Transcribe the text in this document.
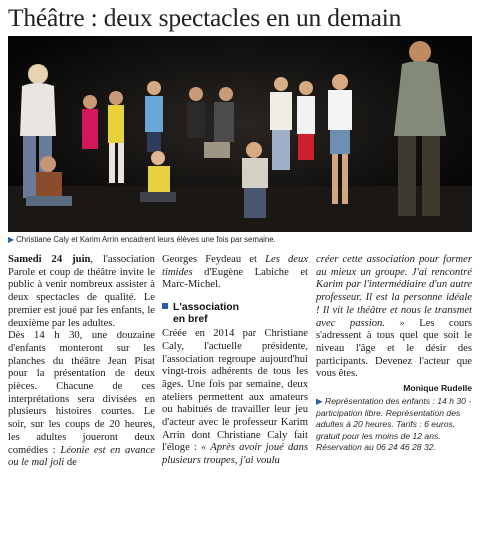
Théâtre : deux spectacles en un demain
▶ Christiane Caly et Karim Arrin encadrent leurs élèves une fois par semaine.

Samedi 24 juin, l'association Parole et coup de théâtre invite le public à venir nombreux assister à deux spectacles de qualité. Le premier est joué par les enfants, le deuxième par les adultes.

Dès 14 h 30, une douzaine d'enfants monteront sur les planches du théâtre Jean Pisat pour la présentation de deux pièces. Chacune de ces interprétations sera divisées en plusieurs histoires courtes. Le soir, sur les coups de 20 heures, les adultes joueront deux comédies : Léonie est en avance ou le mal joli de

Georges Feydeau et Les deux timides d'Eugène Labiche et Marc-Michel.

L'association
en bref

Créée en 2014 par Christiane Caly, l'actuelle présidente, l'association regroupe aujourd'hui vingt-trois adhérents de tous les âges. Une fois par semaine, deux ateliers permettent aux amateurs ou habitués de travailler leur jeu d'acteur avec le professeur Karim Arrin dont Christiane Caly fait l'éloge : « Après avoir joué dans plusieurs troupes, j'ai voulu

créer cette association pour former au mieux un groupe. J'ai rencontré Karim par l'intermédiaire d'un autre professeur. Il est la personne idéale ! Il vit le théâtre et nous le transmet avec passion. » Les cours s'adressent à tous quel que soit le niveau l'âge et le désir des participants. Devenez l'acteur que vous êtes.

Monique Rudelle
▶ Représentation des enfants : 14 h 30 - participation libre. Représentation des adultes à 20 heures. Tarifs : 6 euros, gratuit pour les moins de 12 ans. Réservation au 06 24 46 28 32.
